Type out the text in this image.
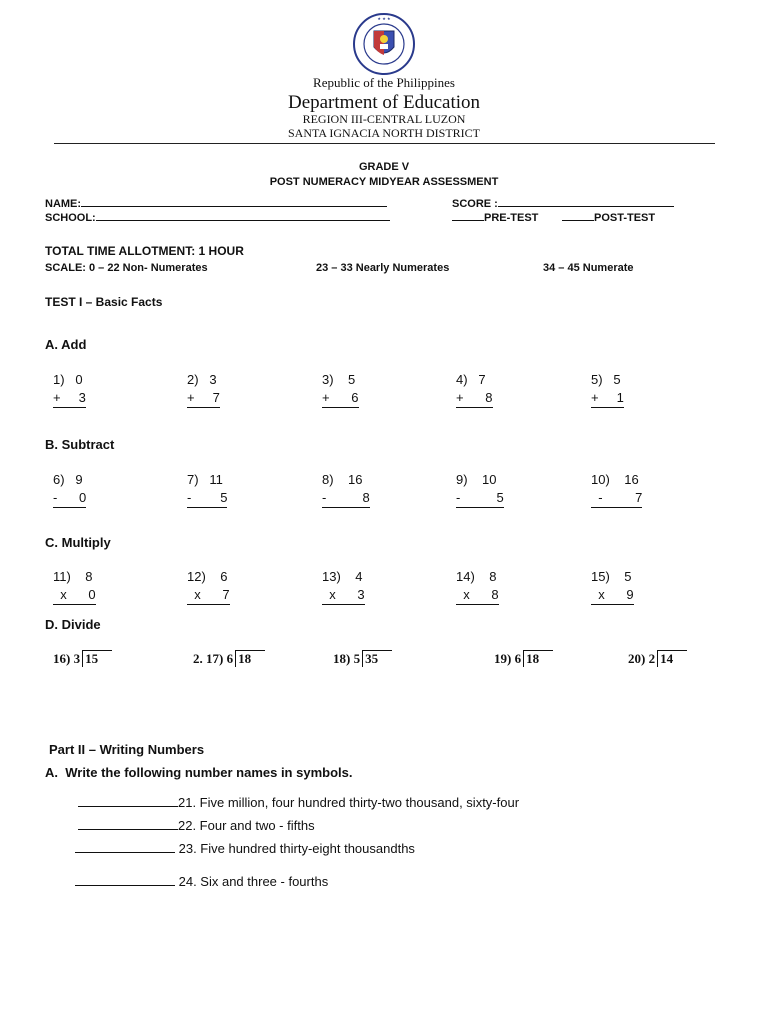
★ ★ ★
Republic of the Philippines
Department of Education
REGION III-CENTRAL LUZON
SANTA IGNACIA NORTH DISTRICT
GRADE V
POST NUMERACY MIDYEAR ASSESSMENT
NAME:
SCHOOL:
SCORE :
PRE-TEST	POST-TEST
TOTAL TIME ALLOTMENT: 1 HOUR
SCALE: 0 – 22 Non- Numerates	23 – 33 Nearly Numerates	34 – 45 Numerate
TEST I – Basic Facts
A. Add
1) 0
+ 3
2) 3
+ 7
3) 5
+ 6
4) 7
+ 8
5) 5
+ 1
B. Subtract
6) 9
- 0
7) 11
- 5
8) 16
-	8
9) 10
-	5
10) 16
-	7
C. Multiply
11) 8
x 0
12) 6
x 7
13) 4
x 3
14) 8
x 8
15) 5
x 9
D. Divide
16) 3 15	2. 17) 6 18	18) 5 35	19) 6 18	20) 2 14
Part II – Writing Numbers
A.  Write the following number names in symbols.
21. Five million, four hundred thirty-two thousand, sixty-four
22. Four and two - fifths
23. Five hundred thirty-eight thousandths
24. Six and three - fourths
